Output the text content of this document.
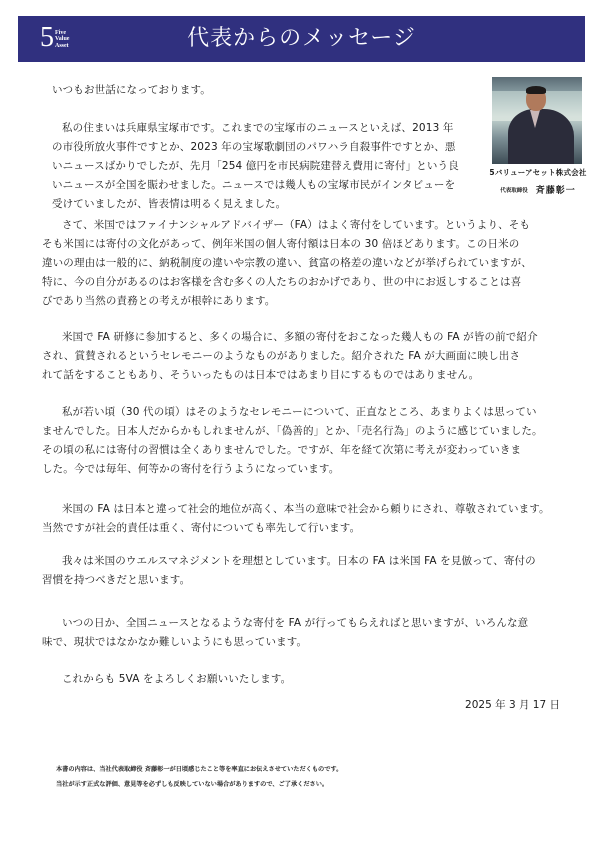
5 Five
Value
Asset	代表からのメッセージ
5バリューアセット株式会社
代表取締役 斉藤彰一
いつもお世話になっております。
私の住まいは兵庫県宝塚市です。これまでの宝塚市のニュースといえば、2013 年
の市役所放火事件ですとか、2023 年の宝塚歌劇団のパワハラ自殺事件ですとか、悪
いニュースばかりでしたが、先月「254 億円を市民病院建替え費用に寄付」という良
いニュースが全国を賑わせました。ニュースでは幾人もの宝塚市民がインタビューを
受けていましたが、皆表情は明るく見えました。
さて、米国ではファイナンシャルアドバイザー（FA）はよく寄付をしています。というより、そも
そも米国には寄付の文化があって、例年米国の個人寄付額は日本の 30 倍ほどあります。この日米の
違いの理由は一般的に、納税制度の違いや宗教の違い、貧富の格差の違いなどが挙げられていますが、
特に、今の自分があるのはお客様を含む多くの人たちのおかげであり、世の中にお返しすることは喜
びであり当然の責務との考えが根幹にあります。
米国で FA 研修に参加すると、多くの場合に、多額の寄付をおこなった幾人もの FA が皆の前で紹介
され、賞賛されるというセレモニーのようなものがありました。紹介された FA が大画面に映し出さ
れて話をすることもあり、そういったものは日本ではあまり目にするものではありません。
私が若い頃（30 代の頃）はそのようなセレモニーについて、正直なところ、あまりよくは思ってい
ませんでした。日本人だからかもしれませんが、「偽善的」とか、「売名行為」のように感じていました。
その頃の私には寄付の習慣は全くありませんでした。ですが、年を経て次第に考えが変わっていきま
した。今では毎年、何等かの寄付を行うようになっています。
米国の FA は日本と違って社会的地位が高く、本当の意味で社会から頼りにされ、尊敬されています。
当然ですが社会的責任は重く、寄付についても率先して行います。
我々は米国のウエルスマネジメントを理想としています。日本の FA は米国 FA を見倣って、寄付の
習慣を持つべきだと思います。
いつの日か、全国ニュースとなるような寄付を FA が行ってもらえればと思いますが、いろんな意
味で、現状ではなかなか難しいようにも思っています。
これからも 5VA をよろしくお願いいたします。
2025 年 3 月 17 日
本書の内容は、当社代表取締役 斉藤彰一が日頃感じたこと等を率直にお伝えさせていただくものです。
当社が示す正式な評価、意見等を必ずしも反映していない場合がありますので、ご了承ください。
